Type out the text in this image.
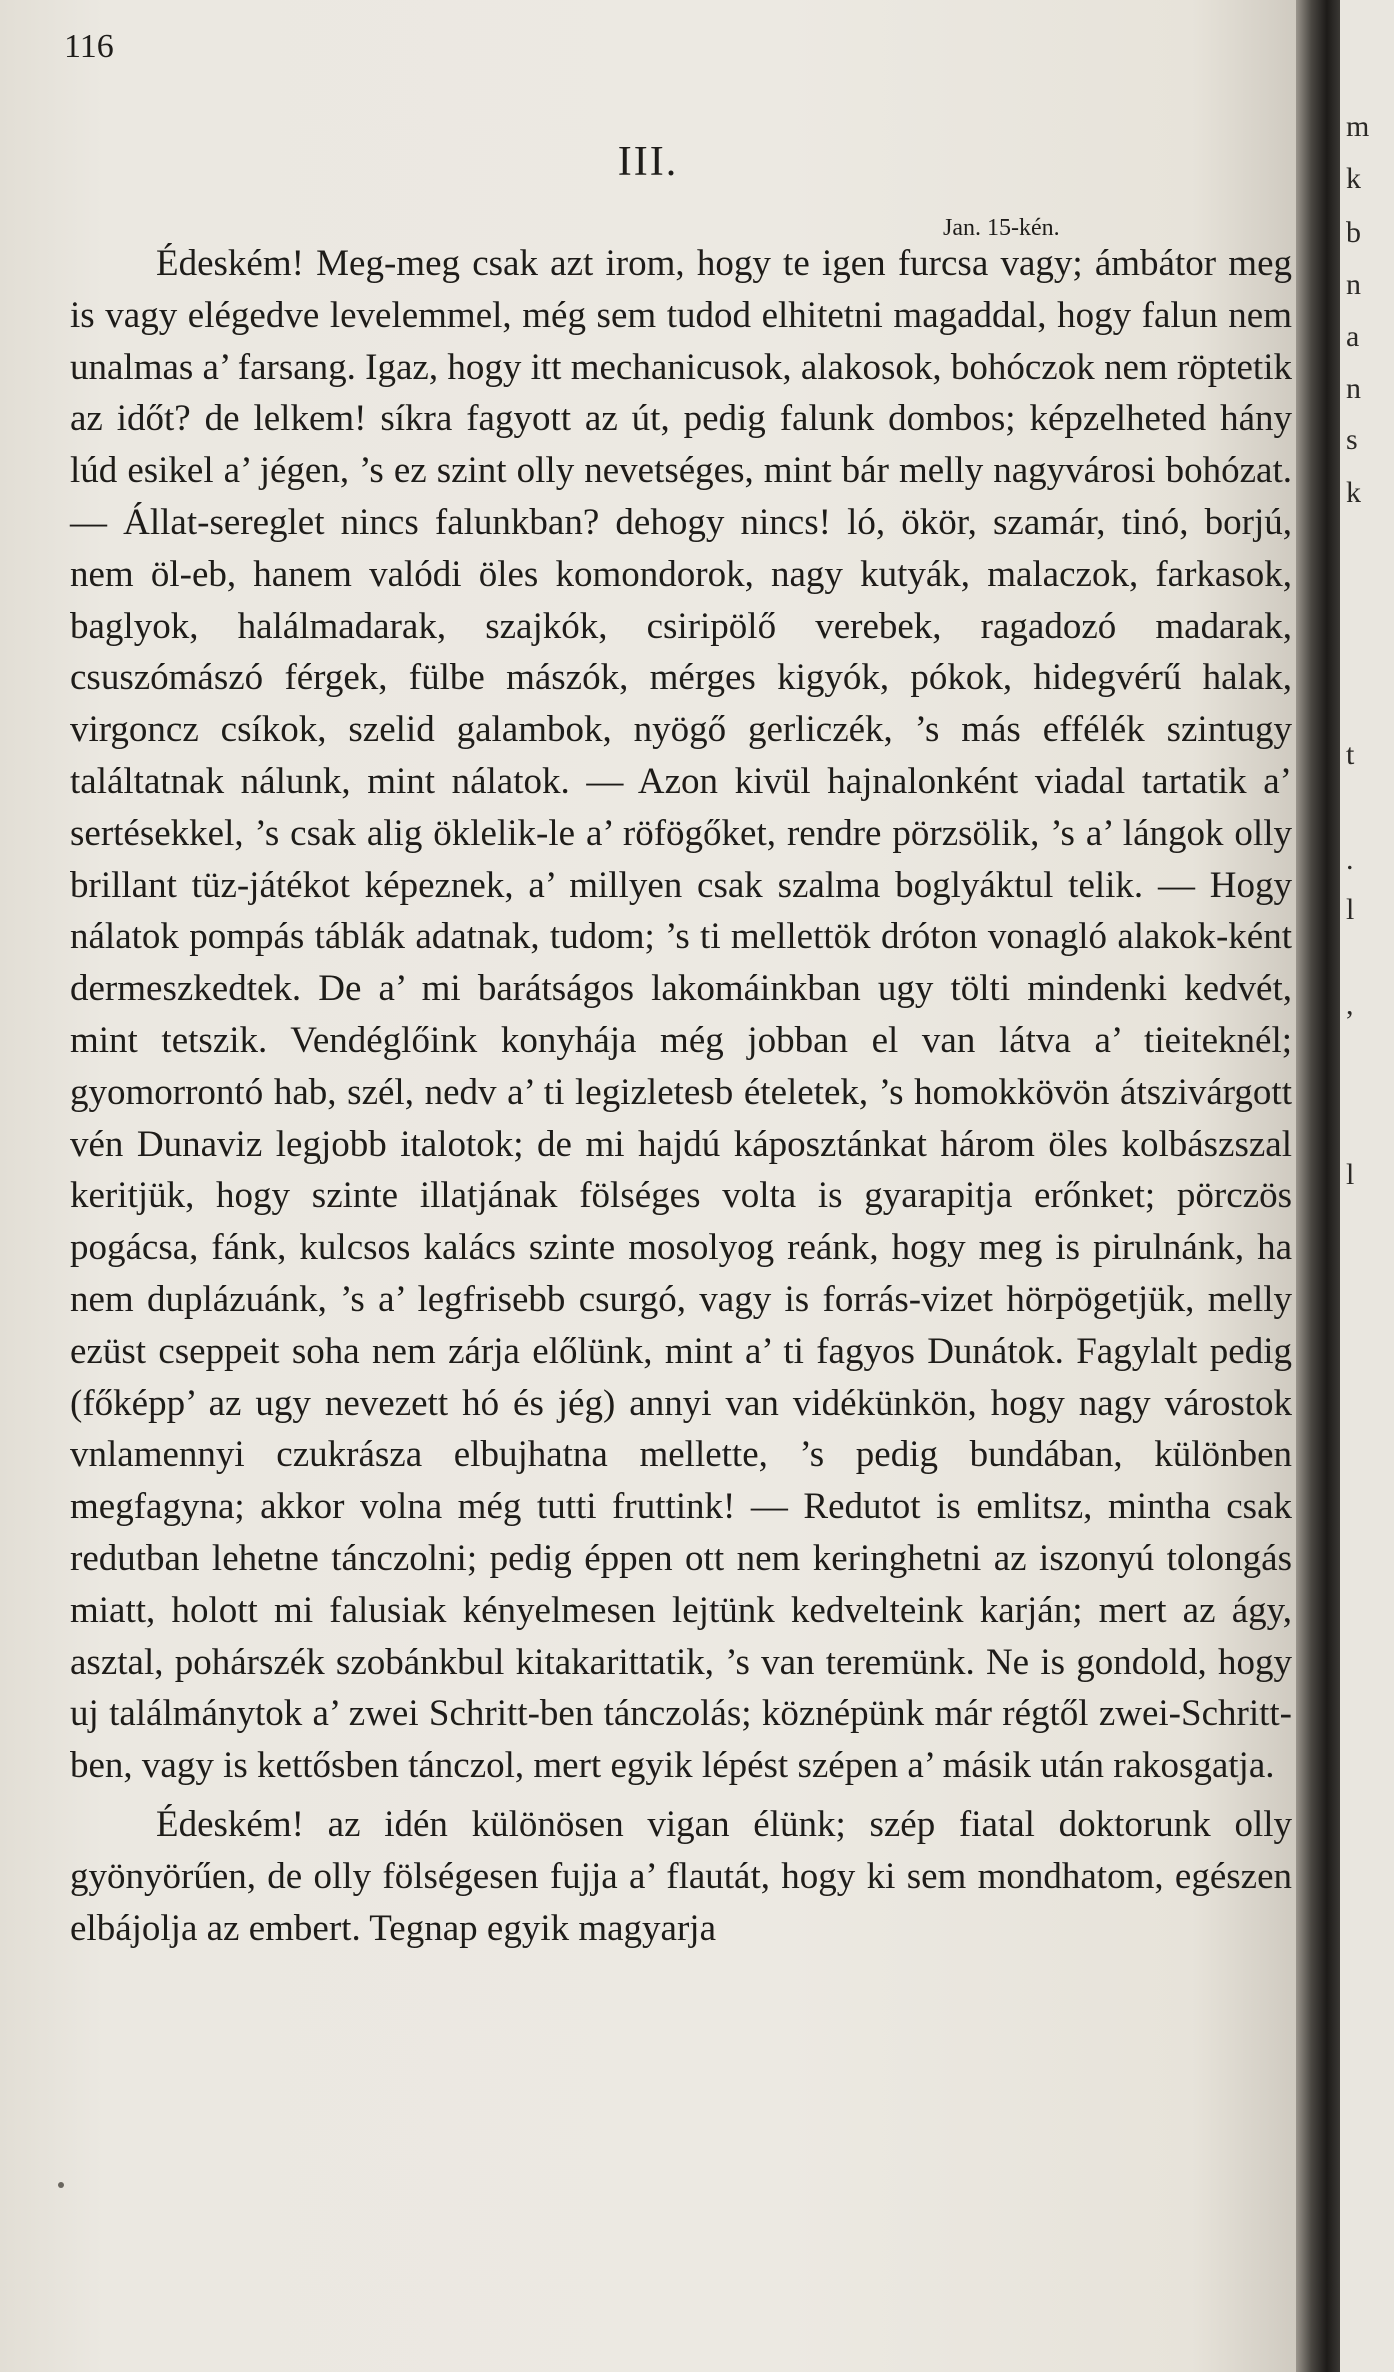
116
III.
Jan. 15-kén.

Édeském! Meg-meg csak azt irom, hogy te igen furcsa vagy; ámbátor meg is vagy elégedve levelemmel, még sem tudod elhitetni magaddal, hogy falun nem unalmas a’ farsang. Igaz, hogy itt mechanicusok, alakosok, bohóczok nem röptetik az időt? de lelkem! síkra fagyott az út, pedig falunk dombos; képzelheted hány lúd esikel a’ jégen, ’s ez szint olly nevetséges, mint bár melly nagyvárosi bohózat. — Állat-sereglet nincs falunkban? dehogy nincs! ló, ökör, szamár, tinó, borjú, nem öl-eb, hanem valódi öles komondorok, nagy kutyák, malaczok, farkasok, baglyok, halálmadarak, szajkók, csiripölő verebek, ragadozó madarak, csuszómászó férgek, fülbe mászók, mérges kigyók, pókok, hidegvérű halak, virgoncz csíkok, szelid galambok, nyögő gerliczék, ’s más effélék szintugy találtatnak nálunk, mint nálatok. — Azon kivül hajnalonként viadal tartatik a’ sertésekkel, ’s csak alig öklelik-le a’ röfögőket, rendre pörzsölik, ’s a’ lángok olly brillant tüz-játékot képeznek, a’ millyen csak szalma boglyáktul telik. — Hogy nálatok pompás táblák adatnak, tudom; ’s ti mellettök dróton vonagló alakok-ként dermeszkedtek. De a’ mi barátságos lakomáinkban ugy tölti mindenki kedvét, mint tetszik. Vendéglőink konyhája még jobban el van látva a’ tieiteknél; gyomorrontó hab, szél, nedv a’ ti legizletesb ételetek, ’s homokkövön átszivárgott vén Dunaviz legjobb italotok; de mi hajdú káposztánkat három öles kolbászszal keritjük, hogy szinte illatjának fölséges volta is gyarapitja erőnket; pörczös pogácsa, fánk, kulcsos kalács szinte mosolyog reánk, hogy meg is pirulnánk, ha nem duplázuánk, ’s a’ legfrisebb csurgó, vagy is forrás-vizet hörpögetjük, melly ezüst cseppeit soha nem zárja előlünk, mint a’ ti fagyos Dunátok. Fagylalt pedig (főképp’ az ugy nevezett hó és jég) annyi van vidékünkön, hogy nagy várostok vnlamennyi czukrásza elbujhatna mellette, ’s pedig bundában, különben megfagyna; akkor volna még tutti fruttink! — Redutot is emlitsz, mintha csak redutban lehetne tánczolni; pedig éppen ott nem keringhetni az iszonyú tolongás miatt, holott mi falusiak kényelmesen lejtünk kedvelteink karján; mert az ágy, asztal, pohárszék szobánkbul kitakarittatik, ’s van teremünk. Ne is gondold, hogy uj találmánytok a’ zwei Schritt-ben tánczolás; köznépünk már régtől zwei-Schritt-ben, vagy is kettősben tánczol, mert egyik lépést szépen a’ másik után rakosgatja.

Édeském! az idén különösen vigan élünk; szép fiatal doktorunk olly gyönyörűen, de olly fölségesen fujja a’ flautát, hogy ki sem mondhatom, egészen elbájolja az embert. Tegnap egyik magyarja

m
k
b
n
a
n
s
k
t
.
l
,
l
